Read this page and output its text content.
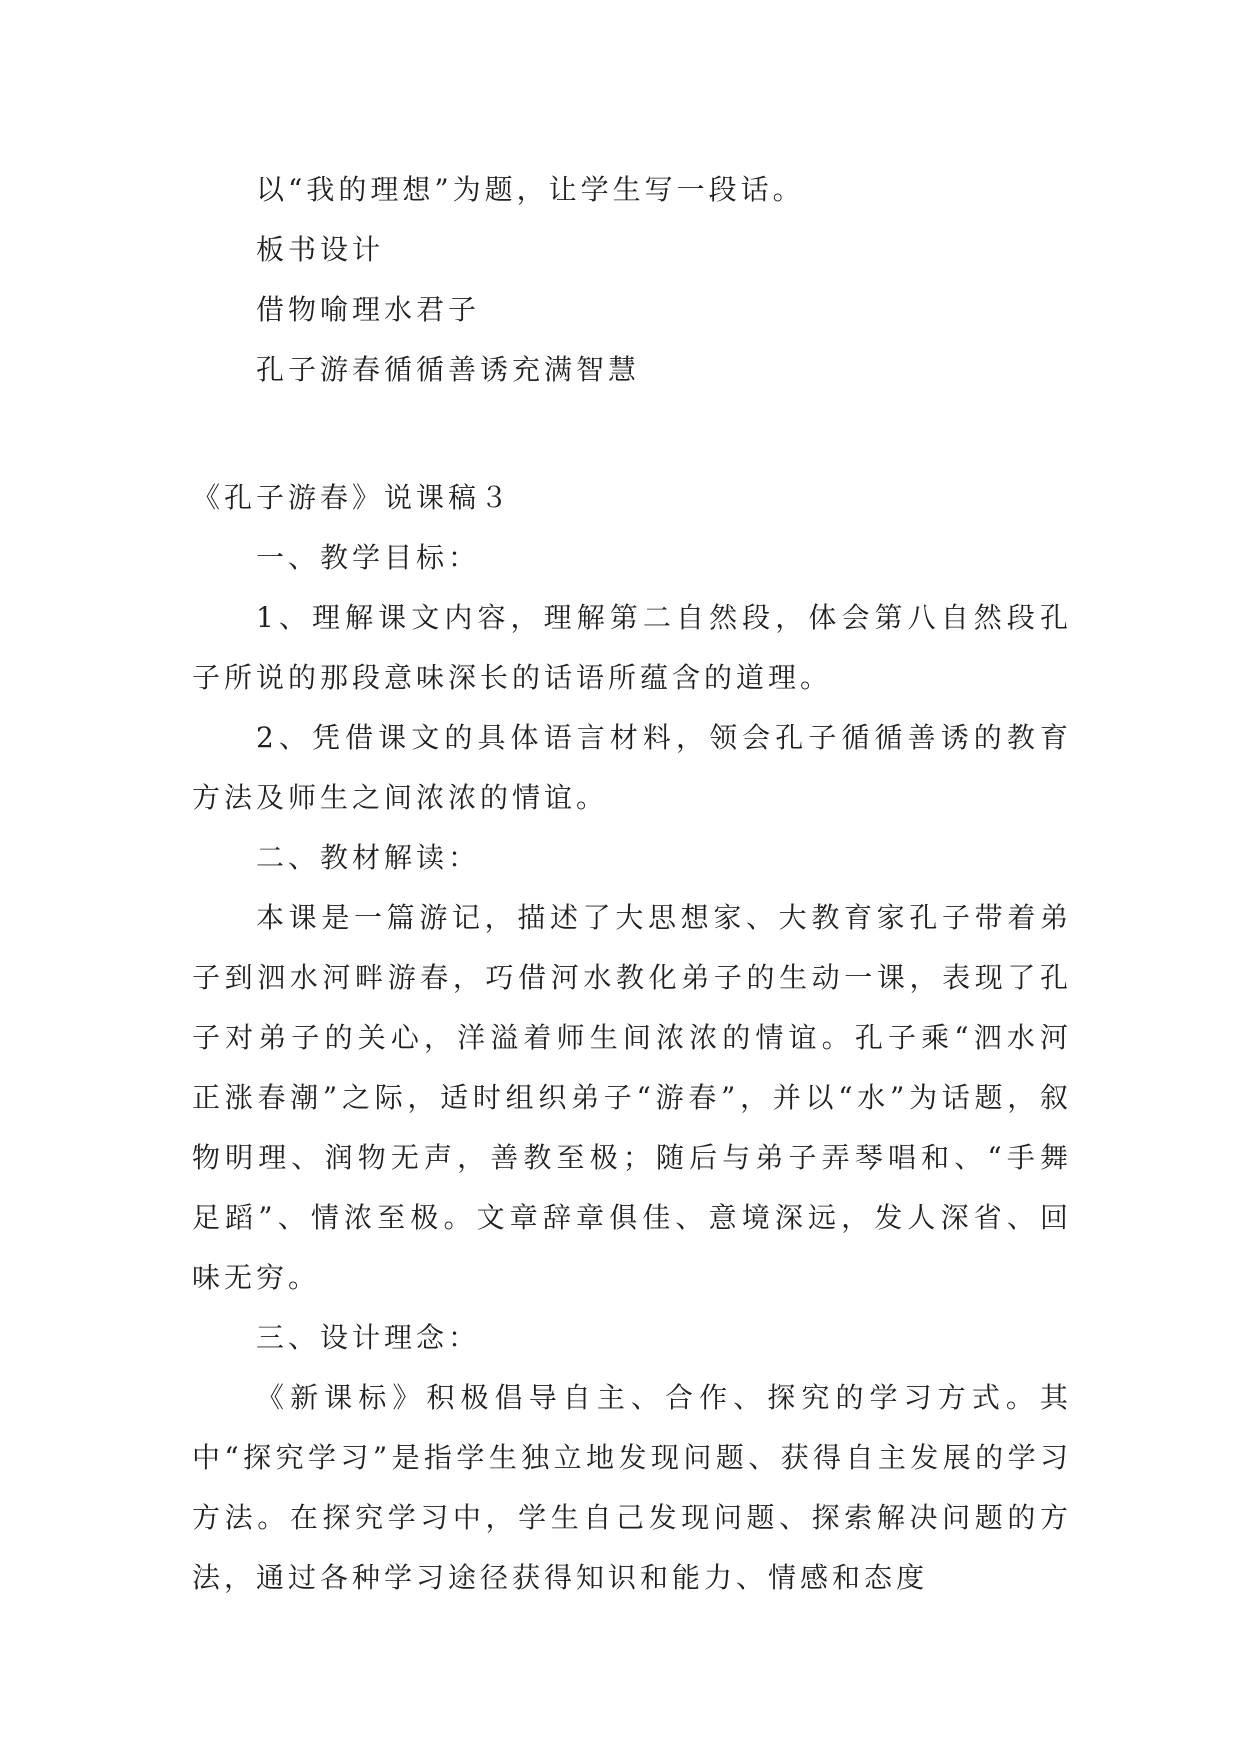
以“我的理想”为题，让学生写一段话。
板书设计
借物喻理水君子
孔子游春循循善诱充满智慧
《孔子游春》说课稿３
一、教学目标：

1、理解课文内容，理解第二自然段，体会第八自然段孔子所说的那段意味深长的话语所蕴含的道理。

2、凭借课文的具体语言材料，领会孔子循循善诱的教育方法及师生之间浓浓的情谊。

二、教材解读：

本课是一篇游记，描述了大思想家、大教育家孔子带着弟子到泗水河畔游春，巧借河水教化弟子的生动一课，表现了孔子对弟子的关心，洋溢着师生间浓浓的情谊。孔子乘“泗水河正涨春潮”之际，适时组织弟子“游春”，并以“水”为话题，叙物明理、润物无声，善教至极；随后与弟子弄琴唱和、“手舞足蹈”、情浓至极。文章辞章俱佳、意境深远，发人深省、回味无穷。

三、设计理念：

《新课标》积极倡导自主、合作、探究的学习方式。其中“探究学习”是指学生独立地发现问题、获得自主发展的学习方法。在探究学习中，学生自己发现问题、探索解决问题的方法，通过各种学习途径获得知识和能力、情感和态度
